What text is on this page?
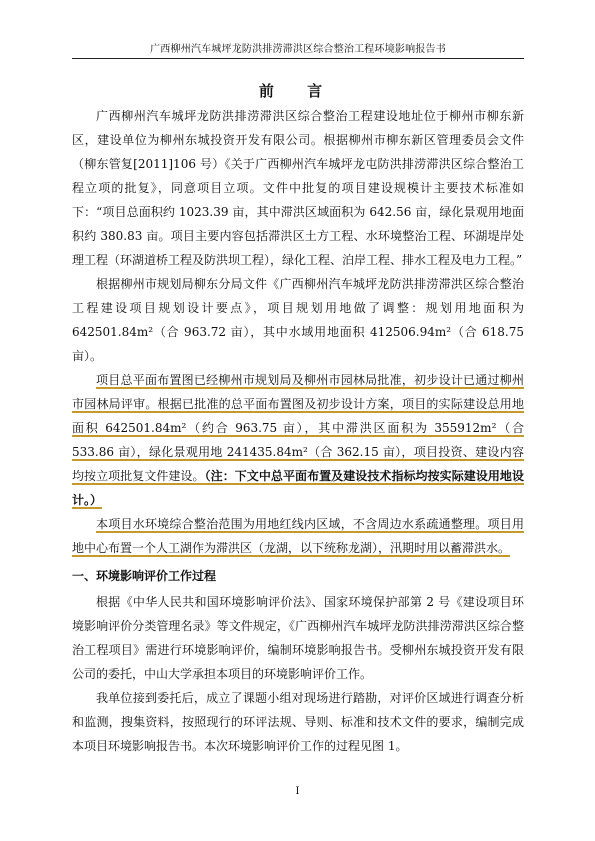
广西柳州汽车城坪龙防洪排涝滞洪区综合整治工程环境影响报告书
前 言

广西柳州汽车城坪龙防洪排涝滞洪区综合整治工程建设地址位于柳州市柳东新区，建设单位为柳州东城投资开发有限公司。根据柳州市柳东新区管理委员会文件（柳东管复[2011]106 号）《关于广西柳州汽车城坪龙屯防洪排涝滞洪区综合整治工程立项的批复》，同意项目立项。文件中批复的项目建设规模计主要技术标准如下：“项目总面积约 1023.39 亩，其中滞洪区域面积为 642.56 亩，绿化景观用地面积约 380.83 亩。项目主要内容包括滞洪区土方工程、水环境整治工程、环湖堤岸处理工程（环湖道桥工程及防洪坝工程），绿化工程、泊岸工程、排水工程及电力工程。”

根据柳州市规划局柳东分局文件《广西柳州汽车城坪龙防洪排涝滞洪区综合整治工程建设项目规划设计要点》，项目规划用地做了调整：规划用地面积为 642501.84m²（合 963.72 亩），其中水域用地面积 412506.94m²（合 618.75 亩）。

项目总平面布置图已经柳州市规划局及柳州市园林局批准，初步设计已通过柳州市园林局评审。根据已批准的总平面布置图及初步设计方案，项目的实际建设总用地面积 642501.84m²（约合 963.75 亩），其中滞洪区面积为 355912m²（合 533.86 亩），绿化景观用地 241435.84m²（合 362.15 亩），项目投资、建设内容均按立项批复文件建设。（注：下文中总平面布置及建设技术指标均按实际建设用地设计。）

本项目水环境综合整治范围为用地红线内区域，不含周边水系疏通整理。项目用地中心布置一个人工湖作为滞洪区（龙湖，以下统称龙湖），汛期时用以蓄滞洪水。

一、环境影响评价工作过程

根据《中华人民共和国环境影响评价法》、国家环境保护部第 2 号《建设项目环境影响评价分类管理名录》等文件规定，《广西柳州汽车城坪龙防洪排涝滞洪区综合整治工程项目》需进行环境影响评价，编制环境影响报告书。受柳州东城投资开发有限公司的委托，中山大学承担本项目的环境影响评价工作。

我单位接到委托后，成立了课题小组对现场进行踏勘，对评价区域进行调查分析和监测，搜集资料，按照现行的环评法规、导则、标准和技术文件的要求，编制完成本项目环境影响报告书。本次环境影响评价工作的过程见图 1。

I
